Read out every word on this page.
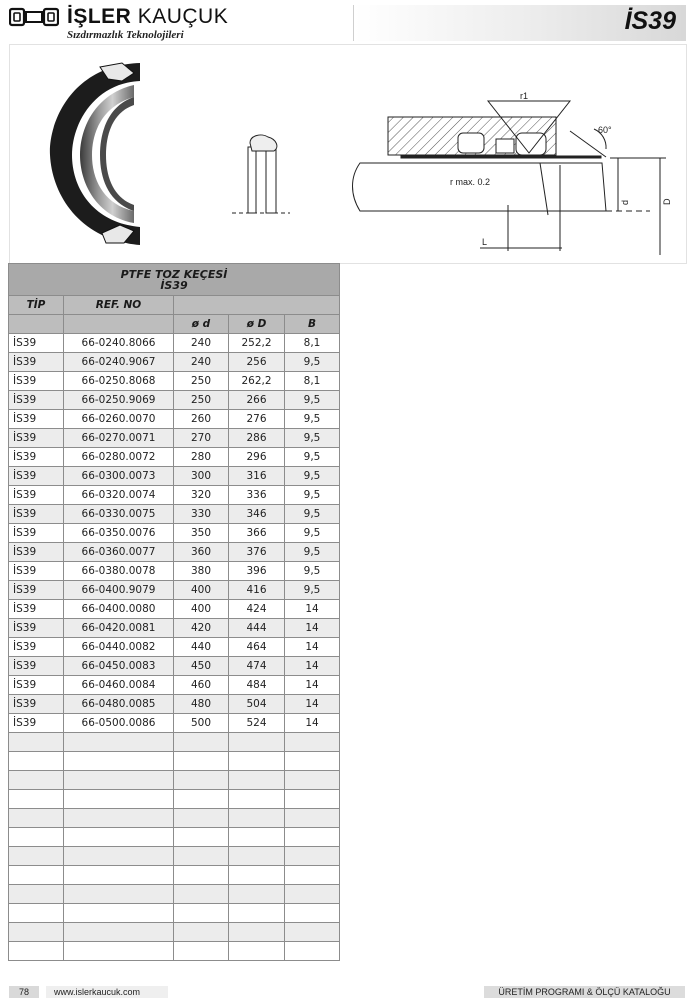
İŞLER KAUÇUK
Sızdırmazlık Teknolojileri	İS39
r1
60°
r max. 0.2
d	D
L
PTFE TOZ KEÇESİ
İS39				

TİP	REF. NO			
		ø d	ø D	B
İS39	66-0240.8066	240	252,2	8,1
İS39	66-0240.9067	240	256	9,5
İS39	66-0250.8068	250	262,2	8,1
İS39	66-0250.9069	250	266	9,5
İS39	66-0260.0070	260	276	9,5
İS39	66-0270.0071	270	286	9,5
İS39	66-0280.0072	280	296	9,5
İS39	66-0300.0073	300	316	9,5
İS39	66-0320.0074	320	336	9,5
İS39	66-0330.0075	330	346	9,5
İS39	66-0350.0076	350	366	9,5
İS39	66-0360.0077	360	376	9,5
İS39	66-0380.0078	380	396	9,5
İS39	66-0400.9079	400	416	9,5
İS39	66-0400.0080	400	424	14
İS39	66-0420.0081	420	444	14
İS39	66-0440.0082	440	464	14
İS39	66-0450.0083	450	474	14
İS39	66-0460.0084	460	484	14
İS39	66-0480.0085	480	504	14
İS39	66-0500.0086	500	524	14

78	www.islerkaucuk.com	ÜRETİM PROGRAMI & ÖLÇÜ KATALOĞU
